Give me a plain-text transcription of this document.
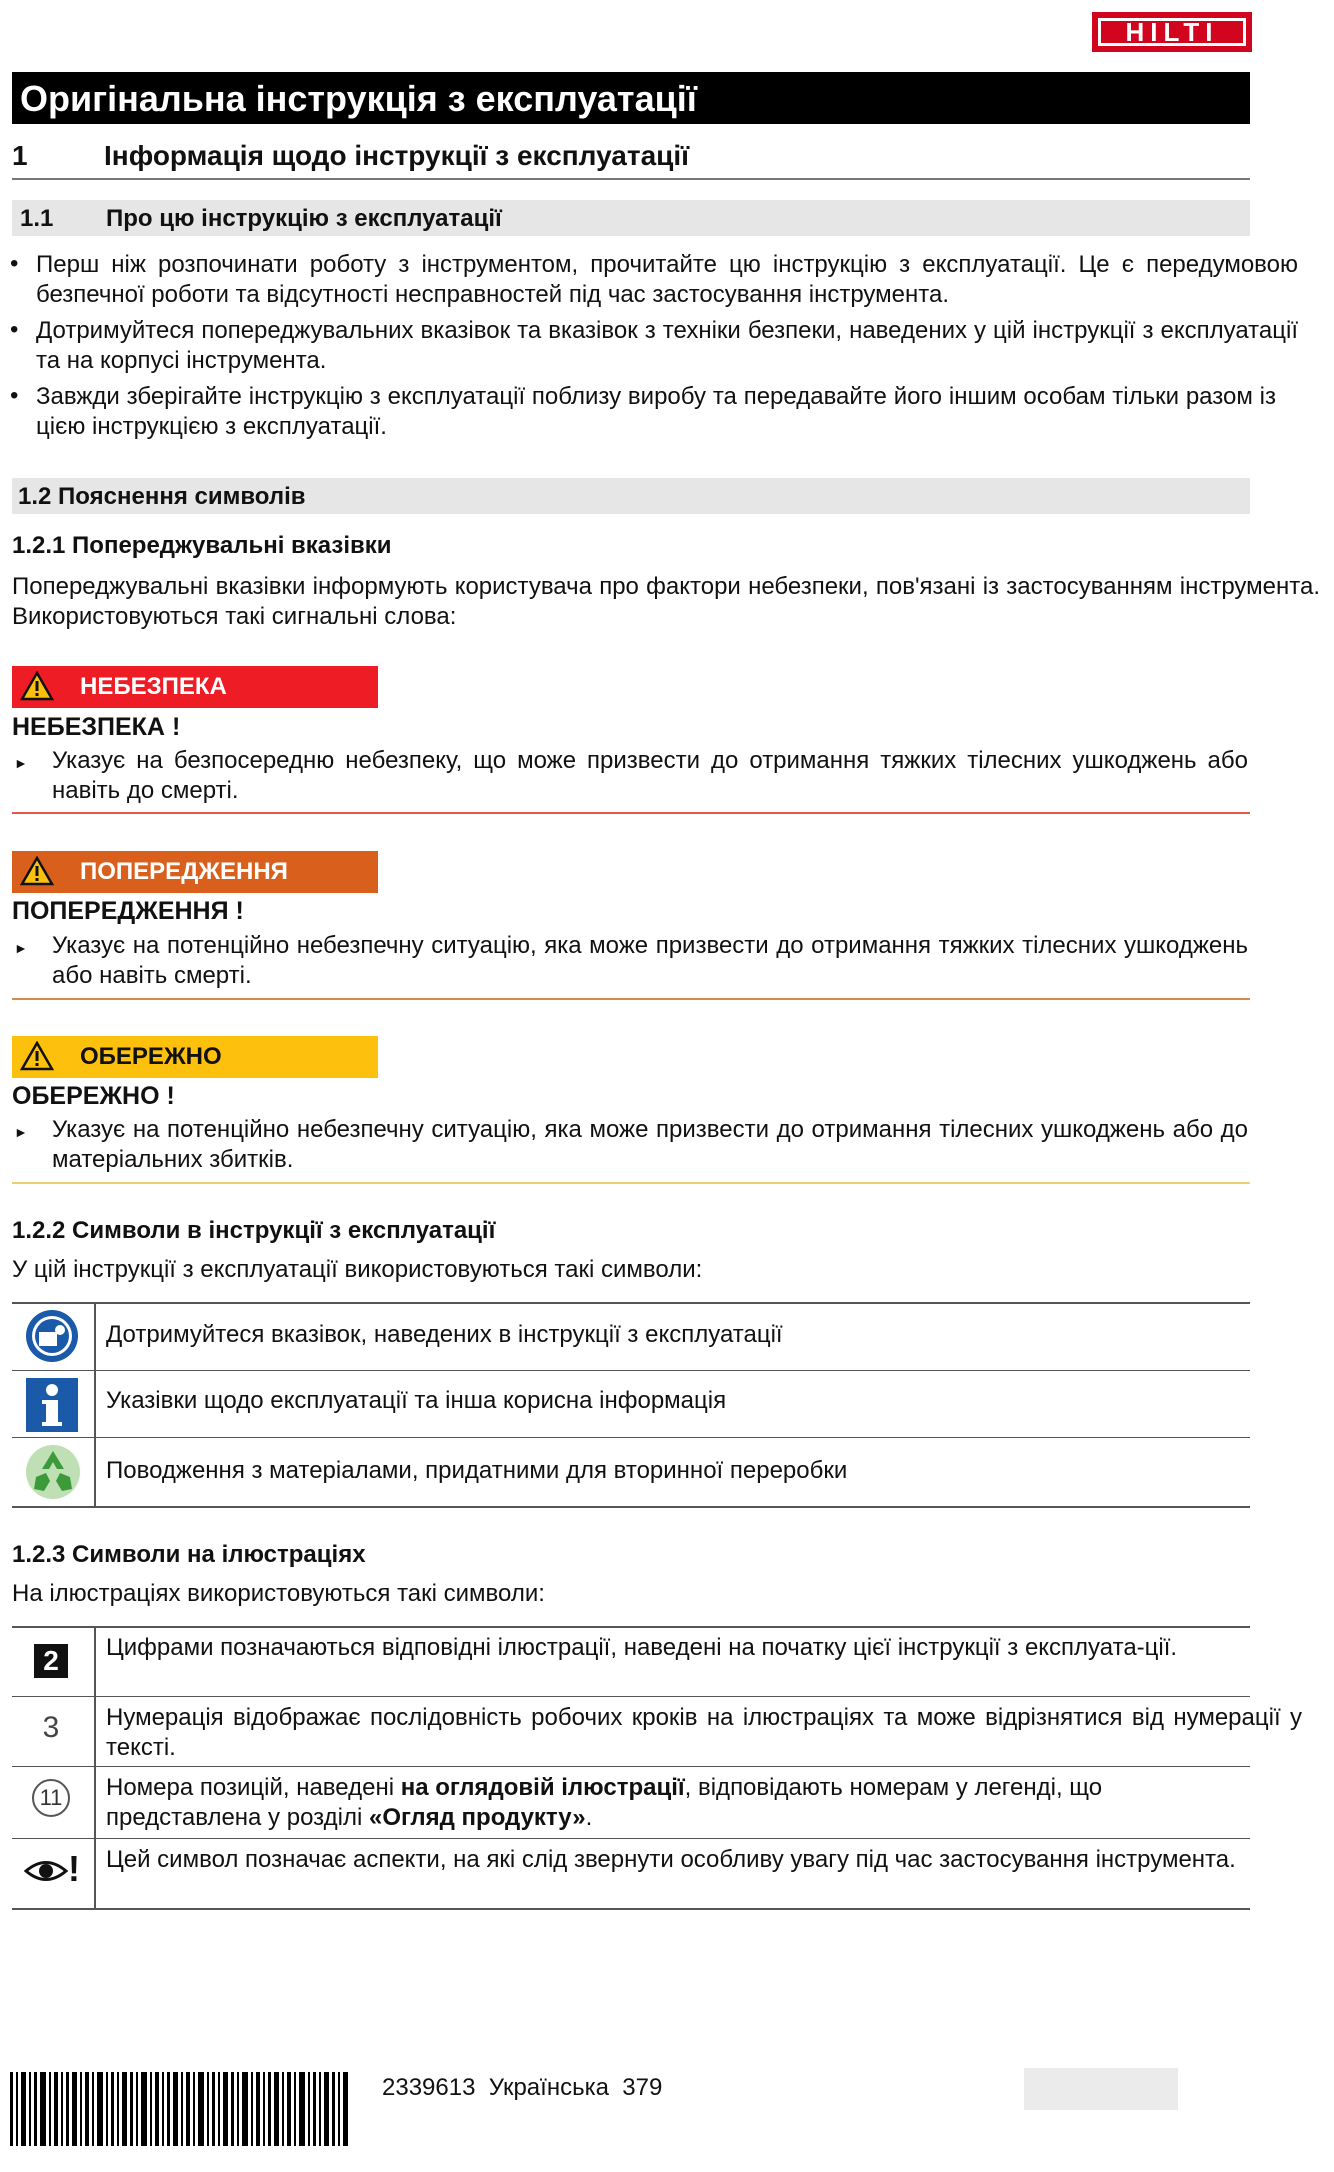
HILTI
Оригінальна інструкція з експлуатації
1	Інформація щодо інструкції з експлуатації
1.1 Про цю інструкцію з експлуатації
• Перш ніж розпочинати роботу з інструментом, прочитайте цю інструкцію з експлуатації. Це є передумовою безпечної роботи та відсутності несправностей під час застосування інструмента.
• Дотримуйтеся попереджувальних вказівок та вказівок з техніки безпеки, наведених у цій інструкції з експлуатації та на корпусі інструмента.
• Завжди зберігайте інструкцію з експлуатації поблизу виробу та передавайте його іншим особам тільки разом із цією інструкцією з експлуатації.
1.2 Пояснення символів
1.2.1 Попереджувальні вказівки
Попереджувальні вказівки інформують користувача про фактори небезпеки, пов'язані із застосуванням інструмента. Використовуються такі сигнальні слова:
НЕБЕЗПЕКА
НЕБЕЗПЕКА !
► Указує на безпосередню небезпеку, що може призвести до отримання тяжких тілесних ушкоджень або навіть до смерті.
ПОПЕРЕДЖЕННЯ
ПОПЕРЕДЖЕННЯ !
► Указує на потенційно небезпечну ситуацію, яка може призвести до отримання тяжких тілесних ушкоджень або навіть смерті.
ОБЕРЕЖНО
ОБЕРЕЖНО !
► Указує на потенційно небезпечну ситуацію, яка може призвести до отримання тілесних ушкоджень або до матеріальних збитків.
1.2.2 Символи в інструкції з експлуатації
У цій інструкції з експлуатації використовуються такі символи:
Дотримуйтеся вказівок, наведених в інструкції з експлуатації
Указівки щодо експлуатації та інша корисна інформація
Поводження з матеріалами, придатними для вторинної переробки
1.2.3 Символи на ілюстраціях
На ілюстраціях використовуються такі символи:
2	Цифрами позначаються відповідні ілюстрації, наведені на початку цієї інструкції з експлуата-ції.
3 Нумерація відображає послідовність робочих кроків на ілюстраціях та може відрізнятися від нумерації у тексті.
11	Номера позицій, наведені на оглядовій ілюстрації, відповідають номерам у легенді, що представлена у розділі «Огляд продукту».
! Цей символ позначає аспекти, на які слід звернути особливу увагу під час застосування інструмента.
2339613 Українська 379
